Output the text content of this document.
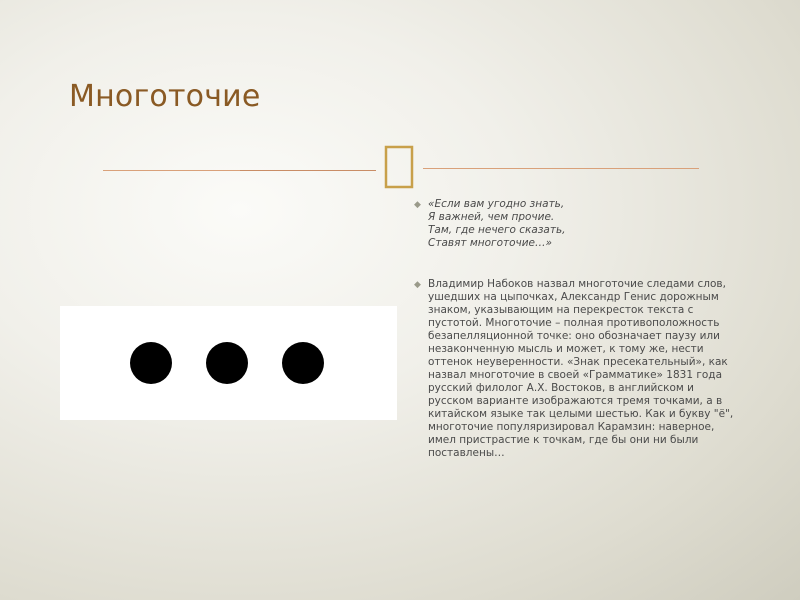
Многоточие
◆ «Если вам угодно знать,
Я важней, чем прочие.
Там, где нечего сказать,
Ставят многоточие…»
◆ Владимир Набоков назвал многоточие следами слов, ушедших на цыпочках, Александр Генис дорожным знаком, указывающим на перекресток текста с пустотой. Многоточие – полная противоположность безапелляционной точке: оно обозначает паузу или незаконченную мысль и может, к тому же, нести оттенок неуверенности. «Знак пресекательный», как назвал многоточие в своей «Грамматике» 1831 года русский филолог А.Х. Востоков, в английском и русском варианте изображаются тремя точками, а в китайском языке так целыми шестью. Как и букву "ё", многоточие популяризировал Карамзин: наверное, имел пристрастие к точкам, где бы они ни были поставлены…
